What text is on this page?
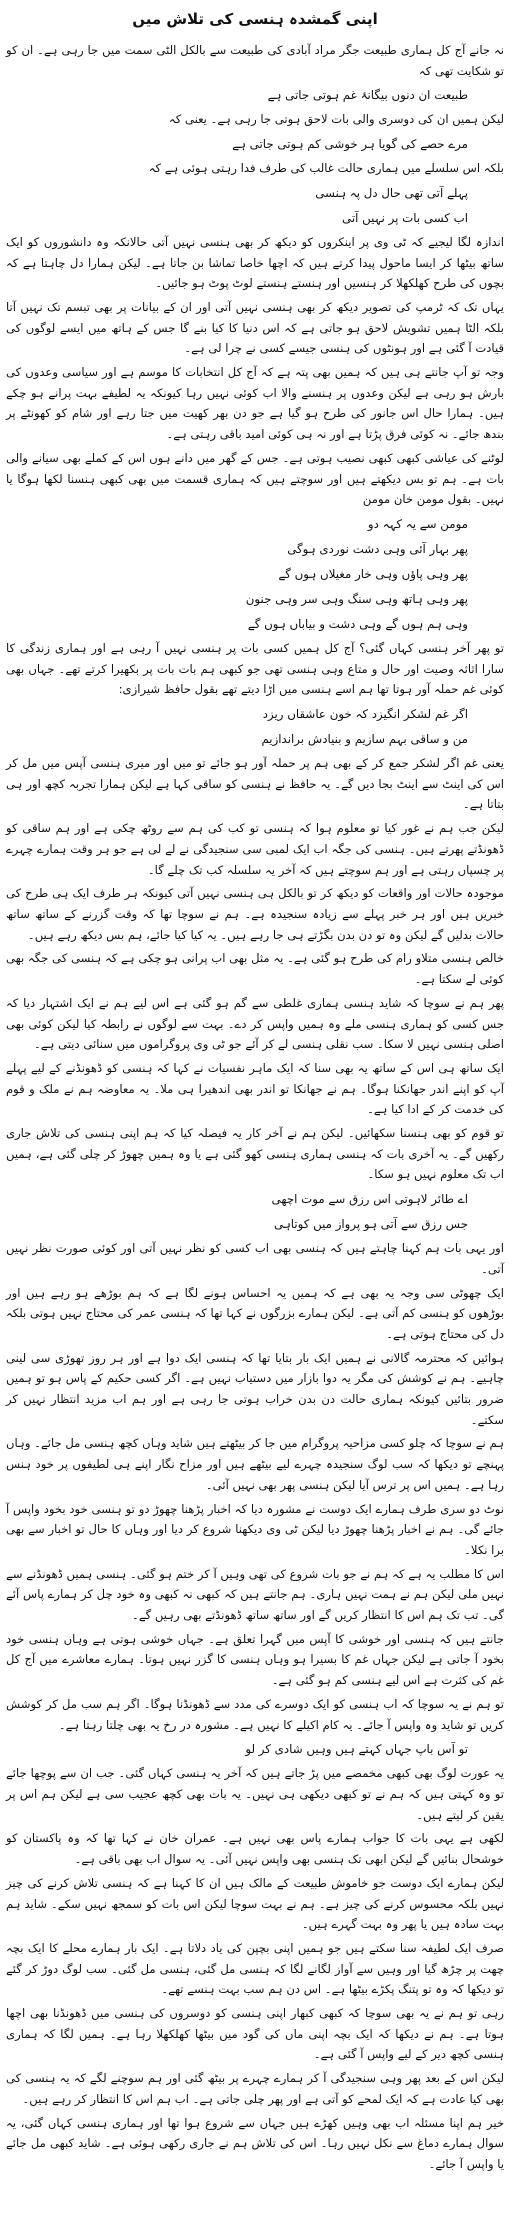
اپنی گمشدہ ہنسی کی تلاش میں
نہ جانے آج کل ہماری طبیعت جگر مراد آبادی کی طبیعت سے بالکل الٹی سمت میں جا رہی ہے۔ ان کو تو شکایت تھی کہ
طبیعت ان دنوں بیگانۂ غم ہوتی جاتی ہے
لیکن ہمیں ان کی دوسری والی بات لاحق ہوتی جا رہی ہے۔ یعنی کہ
مرے حصے کی گویا ہر خوشی کم ہوتی جاتی ہے
بلکہ اس سلسلے میں ہماری حالت غالب کی طرف فدا رہتی ہوئی ہے کہ
پہلے آتی تھی حال دل پہ ہنسی
اب کسی بات پر نہیں آتی
اندازہ لگا لیجیے کہ ٹی وی پر اینکروں کو دیکھ کر بھی ہنسی نہیں آتی حالانکہ وہ دانشوروں کو ایک ساتھ بیٹھا کر ایسا ماحول پیدا کرتے ہیں کہ اچھا خاصا تماشا بن جاتا ہے۔ لیکن ہمارا دل چاہتا ہے کہ بچوں کی طرح کھلکھلا کر ہنسیں اور ہنستے ہنستے لوٹ پوٹ ہو جائیں۔
یہاں تک کہ ٹرمپ کی تصویر دیکھ کر بھی ہنسی نہیں آتی اور ان کے بیانات پر بھی تبسم تک نہیں آتا بلکہ الٹا ہمیں تشویش لاحق ہو جاتی ہے کہ اس دنیا کا کیا بنے گا جس کے ہاتھ میں ایسے لوگوں کی قیادت آ گئی ہے اور ہونٹوں کی ہنسی جیسے کسی نے چرا لی ہے۔
وجہ تو آپ جانتے ہی ہیں کہ ہمیں بھی پتہ ہے کہ آج کل انتخابات کا موسم ہے اور سیاسی وعدوں کی بارش ہو رہی ہے لیکن وعدوں پر ہنسنے والا اب کوئی نہیں رہا کیونکہ یہ لطیفے بہت پرانے ہو چکے ہیں۔ ہمارا حال اس جانور کی طرح ہو گیا ہے جو دن بھر کھیت میں جتا رہے اور شام کو کھونٹے پر بندھ جائے۔ نہ کوئی فرق پڑتا ہے اور نہ ہی کوئی امید باقی رہتی ہے۔
لوٹنے کی عیاشی کبھی کبھی نصیب ہوتی ہے۔ جس کے گھر میں دانے ہوں اس کے کملے بھی سیانے والی بات ہے۔ ہم تو بس دیکھتے ہیں اور سوچتے ہیں کہ ہماری قسمت میں بھی کبھی ہنسنا لکھا ہوگا یا نہیں۔ بقول مومن خان مومن
مومن سے یہ کہہ دو
پھر بہار آئی وہی دشت نوردی ہوگی
پھر وہی پاؤں وہی خار مغیلاں ہوں گے
پھر وہی ہاتھ وہی سنگ وہی سر وہی جنون
وہی ہم ہوں گے وہی دشت و بیاباں ہوں گے
تو پھر آخر ہنسی کہاں گئی؟ آج کل ہمیں کسی بات پر ہنسی نہیں آ رہی ہے اور ہماری زندگی کا سارا اثاثہ وصیت اور حال و متاع وہی ہنسی تھی جو کبھی ہم بات بات پر بکھیرا کرتے تھے۔ جہاں بھی کوئی غم حملہ آور ہوتا تھا ہم اسے ہنسی میں اڑا دیتے تھے بقول حافظ شیرازی:
اگر غم لشکر انگیزد کہ خون عاشقاں ریزد
من و ساقی بہم سازیم و بنیادش براندازیم
یعنی غم اگر لشکر جمع کر کے بھی ہم پر حملہ آور ہو جائے تو میں اور میری ہنسی آپس میں مل کر اس کی اینٹ سے اینٹ بجا دیں گے۔ یہ حافظ نے ہنسی کو ساقی کہا ہے لیکن ہمارا تجربہ کچھ اور ہی بتاتا ہے۔
لیکن جب ہم نے غور کیا تو معلوم ہوا کہ ہنسی تو کب کی ہم سے روٹھ چکی ہے اور ہم ساقی کو ڈھونڈتے پھرتے ہیں۔ ہنسی کی جگہ اب ایک لمبی سی سنجیدگی نے لے لی ہے جو ہر وقت ہمارے چہرے پر چسپاں رہتی ہے اور ہم سوچتے ہیں کہ آخر یہ سلسلہ کب تک چلے گا۔
موجودہ حالات اور واقعات کو دیکھ کر تو بالکل ہی ہنسی نہیں آتی کیونکہ ہر طرف ایک ہی طرح کی خبریں ہیں اور ہر خبر پہلے سے زیادہ سنجیدہ ہے۔ ہم نے سوچا تھا کہ وقت گزرنے کے ساتھ ساتھ حالات بدلیں گے لیکن وہ تو دن بدن بگڑتے ہی جا رہے ہیں۔ یہ کیا کیا جائے، ہم بس دیکھ رہے ہیں۔
خالص ہنسی متلاو رام کی طرح ہو گئی ہے۔ یہ مثل بھی اب پرانی ہو چکی ہے کہ ہنسی کی جگہ بھی کوئی لے سکتا ہے۔
پھر ہم نے سوچا کہ شاید ہنسی ہماری غلطی سے گم ہو گئی ہے اس لیے ہم نے ایک اشتہار دیا کہ جس کسی کو ہماری ہنسی ملے وہ ہمیں واپس کر دے۔ بہت سے لوگوں نے رابطہ کیا لیکن کوئی بھی اصلی ہنسی نہیں لا سکا۔ سب نقلی ہنسی لے کر آئے جو ٹی وی پروگراموں میں سنائی دیتی ہے۔
ایک ساتھ ہی اس کے ساتھ یہ بھی سنا کہ ایک ماہر نفسیات نے کہا کہ ہنسی کو ڈھونڈنے کے لیے پہلے آپ کو اپنے اندر جھانکنا ہوگا۔ ہم نے جھانکا تو اندر بھی اندھیرا ہی ملا۔ یہ معاوضہ ہم نے ملک و قوم کی خدمت کر کے ادا کیا ہے۔
تو قوم کو بھی ہنسنا سکھائیں۔ لیکن ہم نے آخر کار یہ فیصلہ کیا کہ ہم اپنی ہنسی کی تلاش جاری رکھیں گے۔ یہ آخری بات کہ ہنسی ہماری ہنسی کھو گئی ہے یا وہ ہمیں چھوڑ کر چلی گئی ہے، ہمیں اب تک معلوم نہیں ہو سکا۔
اے طائر لاہوتی اس رزق سے موت اچھی
جس رزق سے آتی ہو پرواز میں کوتاہی
اور یہی بات ہم کہنا چاہتے ہیں کہ ہنسی بھی اب کسی کو نظر نہیں آتی اور کوئی صورت نظر نہیں آتی۔
ایک چھوٹی سی وجہ یہ بھی ہے کہ ہمیں یہ احساس ہونے لگا ہے کہ ہم بوڑھے ہو رہے ہیں اور بوڑھوں کو ہنسی کم آتی ہے۔ لیکن ہمارے بزرگوں نے کہا تھا کہ ہنسی عمر کی محتاج نہیں ہوتی بلکہ دل کی محتاج ہوتی ہے۔
ہوائیں کہ محترمہ گالانی نے ہمیں ایک بار بتایا تھا کہ ہنسی ایک دوا ہے اور ہر روز تھوڑی سی لینی چاہیے۔ ہم نے کوشش کی مگر یہ دوا بازار میں دستیاب نہیں ہے۔ اگر کسی حکیم کے پاس ہو تو ہمیں ضرور بتائیں کیونکہ ہماری حالت دن بدن خراب ہوتی جا رہی ہے اور ہم اب مزید انتظار نہیں کر سکتے۔
ہم نے سوچا کہ چلو کسی مزاحیہ پروگرام میں جا کر بیٹھتے ہیں شاید وہاں کچھ ہنسی مل جائے۔ وہاں پہنچے تو دیکھا کہ سب لوگ سنجیدہ چہرے لیے بیٹھے ہیں اور مزاح نگار اپنے ہی لطیفوں پر خود ہنس رہا ہے۔ ہمیں اس پر ترس آیا لیکن ہنسی پھر بھی نہیں آئی۔
نوٹ دو سری طرف ہمارے ایک دوست نے مشورہ دیا کہ اخبار پڑھنا چھوڑ دو تو ہنسی خود بخود واپس آ جائے گی۔ ہم نے اخبار پڑھنا چھوڑ دیا لیکن ٹی وی دیکھنا شروع کر دیا اور وہاں کا حال تو اخبار سے بھی برا نکلا۔
اس کا مطلب یہ ہے کہ ہم نے جو بات شروع کی تھی وہیں آ کر ختم ہو گئی۔ ہنسی ہمیں ڈھونڈنے سے نہیں ملی لیکن ہم نے ہمت نہیں ہاری۔ ہم جانتے ہیں کہ کبھی نہ کبھی وہ خود چل کر ہمارے پاس آئے گی۔ تب تک ہم اس کا انتظار کریں گے اور ساتھ ساتھ ڈھونڈتے بھی رہیں گے۔
جانتے ہیں کہ ہنسی اور خوشی کا آپس میں گہرا تعلق ہے۔ جہاں خوشی ہوتی ہے وہاں ہنسی خود بخود آ جاتی ہے لیکن جہاں غم کا بسیرا ہو وہاں ہنسی کا گزر نہیں ہوتا۔ ہمارے معاشرے میں آج کل غم کی کثرت ہے اس لیے ہنسی کم ہو گئی ہے۔
تو ہم نے یہ سوچا کہ اب ہنسی کو ایک دوسرے کی مدد سے ڈھونڈنا ہوگا۔ اگر ہم سب مل کر کوشش کریں تو شاید وہ واپس آ جائے۔ یہ کام اکیلے کا نہیں ہے۔ مشورہ در رخ یہ بھی چلتا رہتا ہے۔
تو آس باپ جہاں کہتے ہیں وہیں شادی کر لو
یہ عورت لوگ بھی کبھی مخمصے میں پڑ جاتے ہیں کہ آخر یہ ہنسی کہاں گئی۔ جب ان سے پوچھا جائے تو وہ کہتی ہیں کہ ہم نے تو کبھی دیکھی ہی نہیں۔ یہ بات بھی کچھ عجیب سی ہے لیکن ہم اس پر یقین کر لیتے ہیں۔
لکھی ہے یہی بات کا جواب ہمارے پاس بھی نہیں ہے۔ عمران خان نے کہا تھا کہ وہ پاکستان کو خوشحال بنائیں گے لیکن ابھی تک ہنسی بھی واپس نہیں آئی۔ یہ سوال اب بھی باقی ہے۔
لیکن ہمارے ایک دوست جو خاموش طبیعت کے مالک ہیں ان کا کہنا ہے کہ ہنسی تلاش کرنے کی چیز نہیں بلکہ محسوس کرنے کی چیز ہے۔ ہم نے بہت سوچا لیکن اس بات کو سمجھ نہیں سکے۔ شاید ہم بہت سادہ ہیں یا پھر وہ بہت گہرے ہیں۔
صرف ایک لطیفہ سنا سکتے ہیں جو ہمیں اپنی بچپن کی یاد دلاتا ہے۔ ایک بار ہمارے محلے کا ایک بچہ چھت پر چڑھ گیا اور وہیں سے آواز لگانے لگا کہ ہنسی مل گئی، ہنسی مل گئی۔ سب لوگ دوڑ کر گئے تو دیکھا کہ وہ تو پتنگ پکڑے بیٹھا ہے۔ اس دن ہم سب بہت ہنسے تھے۔
رہی تو ہم نے یہ بھی سوچا کہ کبھی کبھار اپنی ہنسی کو دوسروں کی ہنسی میں ڈھونڈنا بھی اچھا ہوتا ہے۔ ہم نے دیکھا کہ ایک بچہ اپنی ماں کی گود میں بیٹھا کھلکھلا رہا ہے۔ ہمیں لگا کہ ہماری ہنسی کچھ دیر کے لیے واپس آ گئی ہے۔
لیکن اس کے بعد پھر وہی سنجیدگی آ کر ہمارے چہرے پر بیٹھ گئی اور ہم سوچنے لگے کہ یہ ہنسی کی بھی کیا عادت ہے کہ ایک لمحے کو آتی ہے اور پھر چلی جاتی ہے۔ اب ہم اس کا انتظار کر رہے ہیں۔
خیر ہم اپنا مسئلہ اب بھی وہیں کھڑے ہیں جہاں سے شروع ہوا تھا اور ہماری ہنسی کہاں گئی، یہ سوال ہمارے دماغ سے نکل نہیں رہا۔ اس کی تلاش ہم نے جاری رکھی ہوئی ہے۔ شاید کبھی مل جائے یا واپس آ جائے۔
